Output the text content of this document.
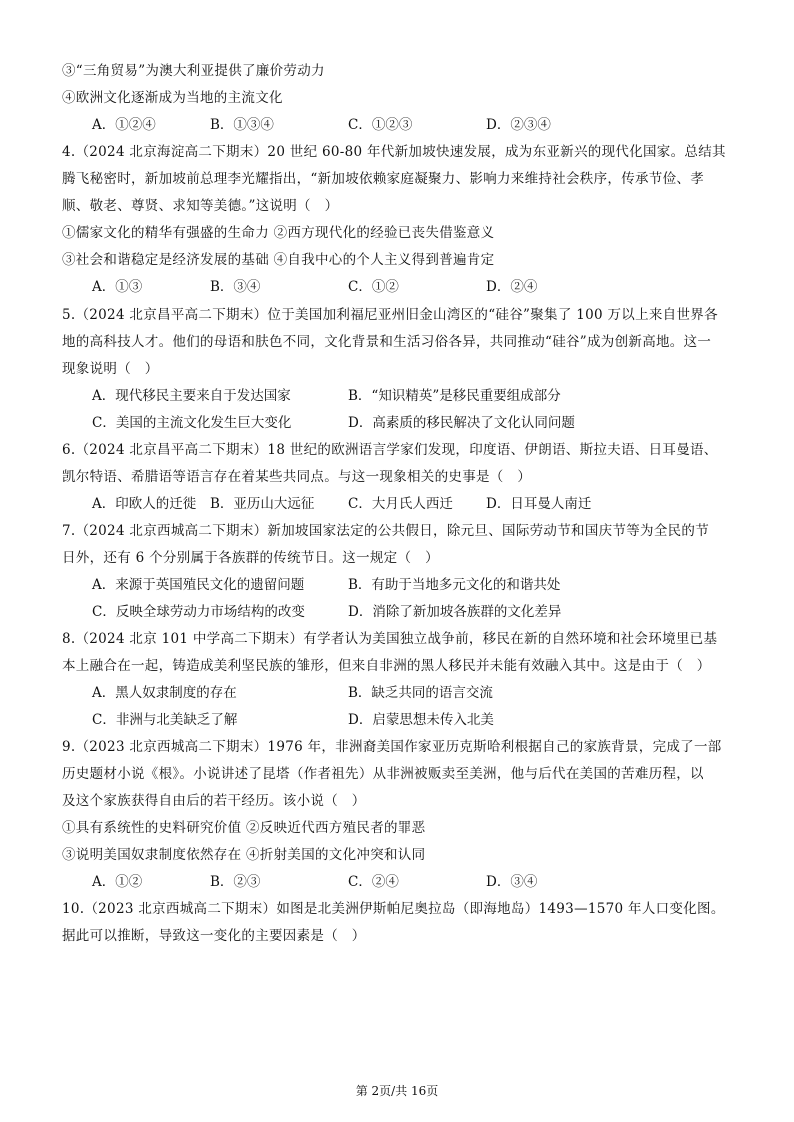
③“三角贸易”为澳大利亚提供了廉价劳动力
④欧洲文化逐渐成为当地的主流文化
A．①②④	B．①③④	C．①②③	D．②③④
4.（2024 北京海淀高二下期末）20 世纪 60-80 年代新加坡快速发展，成为东亚新兴的现代化国家。总结其
腾飞秘密时，新加坡前总理李光耀指出，“新加坡依赖家庭凝聚力、影响力来维持社会秩序，传承节俭、孝
顺、敬老、尊贤、求知等美德。”这说明（　）
①儒家文化的精华有强盛的生命力 ②西方现代化的经验已丧失借鉴意义
③社会和谐稳定是经济发展的基础 ④自我中心的个人主义得到普遍肯定
A．①③	B．③④	C．①②	D．②④
5.（2024 北京昌平高二下期末）位于美国加利福尼亚州旧金山湾区的“硅谷”聚集了 100 万以上来自世界各
地的高科技人才。他们的母语和肤色不同，文化背景和生活习俗各异，共同推动“硅谷”成为创新高地。这一
现象说明（　）
A．现代移民主要来自于发达国家	B．“知识精英”是移民重要组成部分
C．美国的主流文化发生巨大变化	D．高素质的移民解决了文化认同问题
6.（2024 北京昌平高二下期末）18 世纪的欧洲语言学家们发现，印度语、伊朗语、斯拉夫语、日耳曼语、
凯尔特语、希腊语等语言存在着某些共同点。与这一现象相关的史事是（　）
A．印欧人的迁徙 B．亚历山大远征 C．大月氏人西迁 D．日耳曼人南迁
7.（2024 北京西城高二下期末）新加坡国家法定的公共假日，除元旦、国际劳动节和国庆节等为全民的节
日外，还有 6 个分别属于各族群的传统节日。这一规定（　）
A．来源于英国殖民文化的遗留问题	B．有助于当地多元文化的和谐共处
C．反映全球劳动力市场结构的改变	D．消除了新加坡各族群的文化差异
8.（2024 北京 101 中学高二下期末）有学者认为美国独立战争前，移民在新的自然环境和社会环境里已基
本上融合在一起，铸造成美利坚民族的雏形，但来自非洲的黑人移民并未能有效融入其中。这是由于（　）
A．黑人奴隶制度的存在	B．缺乏共同的语言交流
C．非洲与北美缺乏了解	D．启蒙思想未传入北美
9.（2023 北京西城高二下期末）1976 年，非洲裔美国作家亚历克斯哈利根据自己的家族背景，完成了一部
历史题材小说《根》。小说讲述了昆塔（作者祖先）从非洲被贩卖至美洲，他与后代在美国的苦难历程，以
及这个家族获得自由后的若干经历。该小说（　）
①具有系统性的史料研究价值 ②反映近代西方殖民者的罪恶
③说明美国奴隶制度依然存在 ④折射美国的文化冲突和认同
A．①②	B．②③	C．②④	D．③④
10.（2023 北京西城高二下期末）如图是北美洲伊斯帕尼奥拉岛（即海地岛）1493—1570 年人口变化图。
据此可以推断，导致这一变化的主要因素是（　）
第 2页/共 16页
